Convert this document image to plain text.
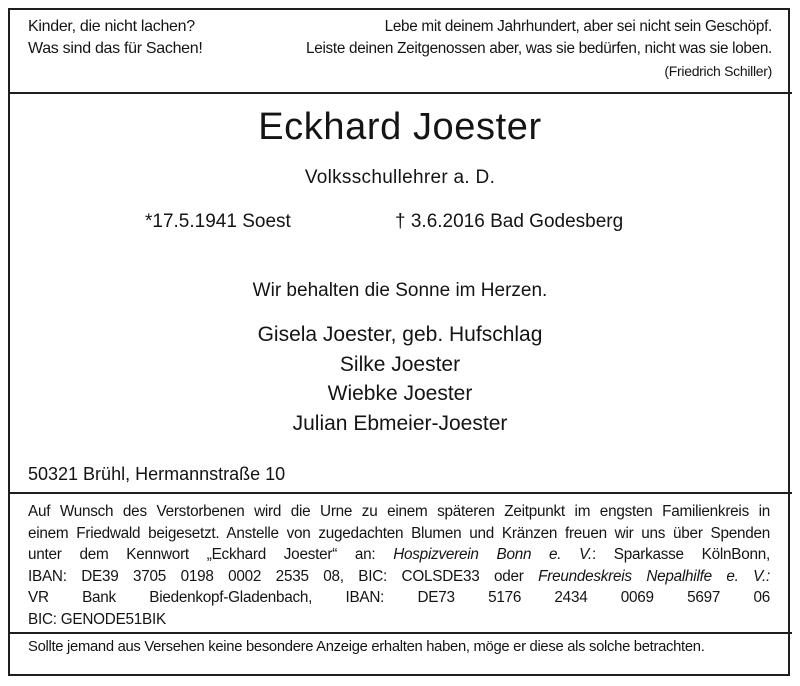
Kinder, die nicht lachen?
Was sind das für Sachen!
Lebe mit deinem Jahrhundert, aber sei nicht sein Geschöpf.
Leiste deinen Zeitgenossen aber, was sie bedürfen, nicht was sie loben.
(Friedrich Schiller)
Eckhard Joester
Volksschullehrer a. D.
*17.5.1941 Soest	† 3.6.2016 Bad Godesberg
Wir behalten die Sonne im Herzen.
Gisela Joester, geb. Hufschlag
Silke Joester
Wiebke Joester
Julian Ebmeier-Joester
50321 Brühl, Hermannstraße 10
Auf Wunsch des Verstorbenen wird die Urne zu einem späteren Zeitpunkt im engsten Familienkreis in
einem Friedwald beigesetzt. Anstelle von zugedachten Blumen und Kränzen freuen wir uns über Spenden
unter dem Kennwort „Eckhard Joester“ an: Hospizverein Bonn e. V.: Sparkasse KölnBonn,
IBAN: DE39 3705 0198 0002 2535 08, BIC: COLSDE33 oder Freundeskreis Nepalhilfe e. V.:
VR Bank Biedenkopf-Gladenbach, IBAN: DE73 5176 2434 0069 5697 06
BIC: GENODE51BIK
Sollte jemand aus Versehen keine besondere Anzeige erhalten haben, möge er diese als solche betrachten.
